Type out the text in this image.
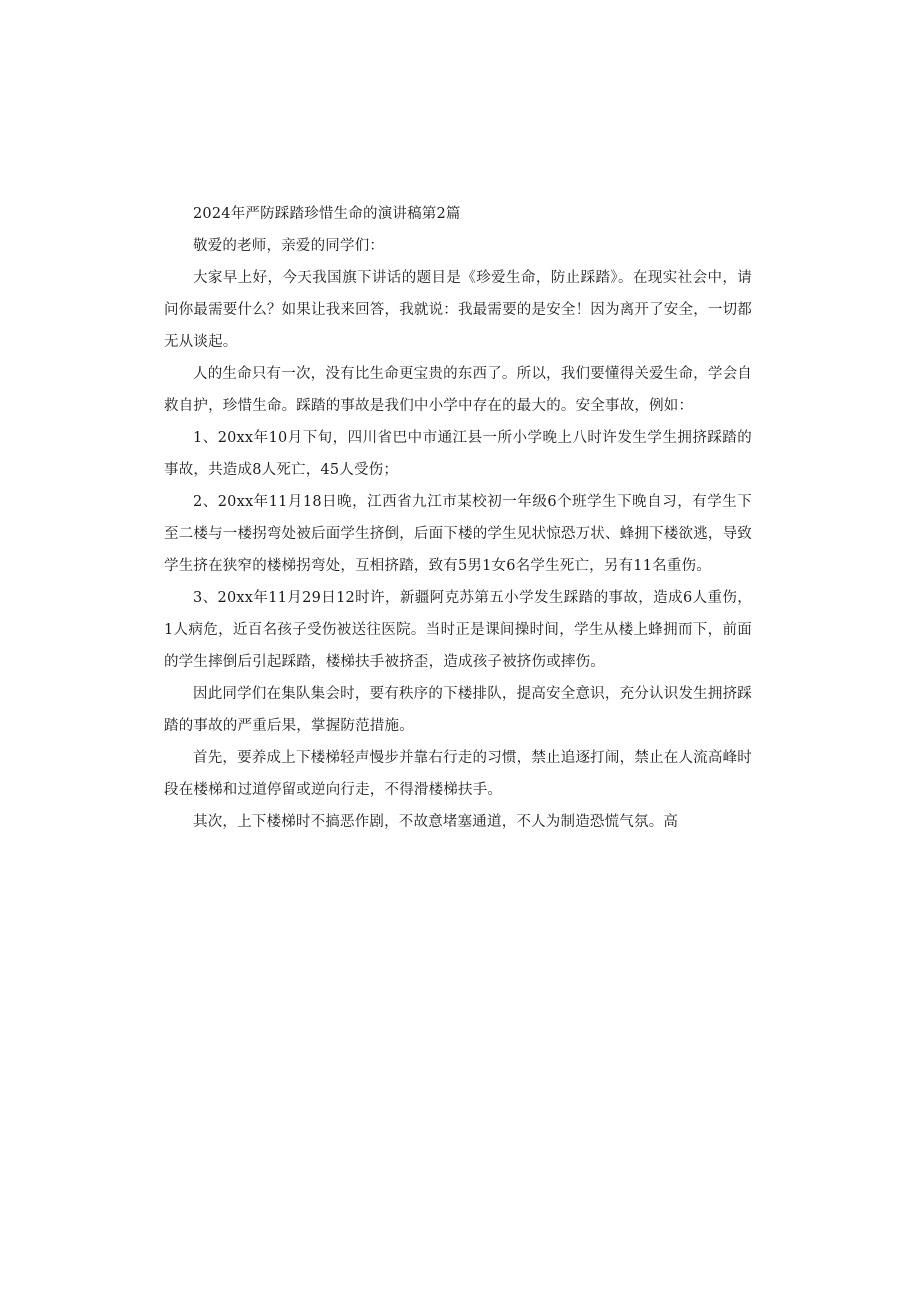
2024年严防踩踏珍惜生命的演讲稿第2篇

敬爱的老师，亲爱的同学们：

大家早上好，今天我国旗下讲话的题目是《珍爱生命，防止踩踏》。在现实社会中，请问你最需要什么？如果让我来回答，我就说：我最需要的是安全！因为离开了安全，一切都无从谈起。

人的生命只有一次，没有比生命更宝贵的东西了。所以，我们要懂得关爱生命，学会自救自护，珍惜生命。踩踏的事故是我们中小学中存在的最大的。安全事故，例如：

1、20xx年10月下旬，四川省巴中市通江县一所小学晚上八时许发生学生拥挤踩踏的事故，共造成8人死亡，45人受伤；

2、20xx年11月18日晚，江西省九江市某校初一年级6个班学生下晚自习，有学生下至二楼与一楼拐弯处被后面学生挤倒，后面下楼的学生见状惊恐万状、蜂拥下楼欲逃，导致学生挤在狭窄的楼梯拐弯处，互相挤踏，致有5男1女6名学生死亡，另有11名重伤。

3、20xx年11月29日12时许，新疆阿克苏第五小学发生踩踏的事故，造成6人重伤，1人病危，近百名孩子受伤被送往医院。当时正是课间操时间，学生从楼上蜂拥而下，前面的学生摔倒后引起踩踏，楼梯扶手被挤歪，造成孩子被挤伤或摔伤。

因此同学们在集队集会时，要有秩序的下楼排队，提高安全意识，充分认识发生拥挤踩踏的事故的严重后果，掌握防范措施。

首先，要养成上下楼梯轻声慢步并靠右行走的习惯，禁止追逐打闹，禁止在人流高峰时段在楼梯和过道停留或逆向行走，不得滑楼梯扶手。

其次，上下楼梯时不搞恶作剧，不故意堵塞通道，不人为制造恐慌气氛。高
